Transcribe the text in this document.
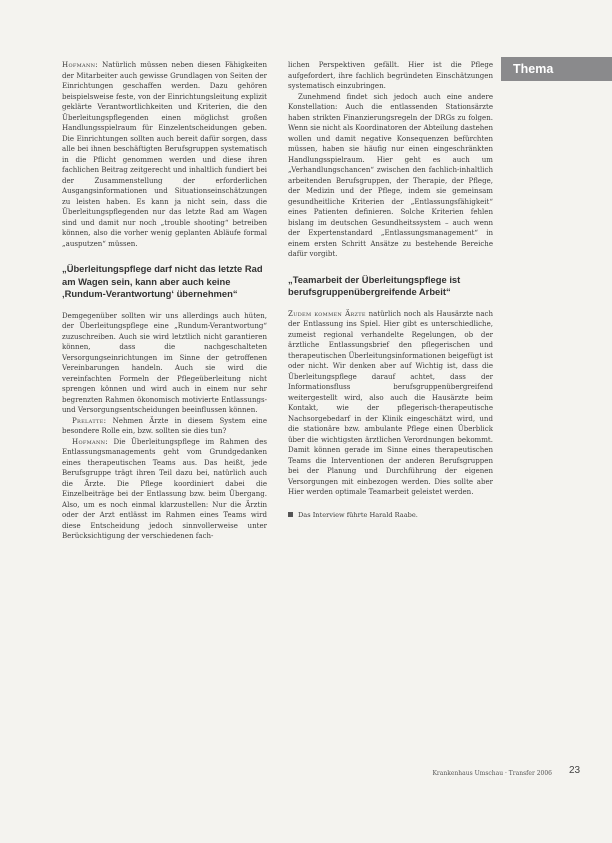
Thema

Hofmann: Natürlich müssen neben diesen Fähigkeiten der Mitarbeiter auch gewisse Grundlagen von Seiten der Einrichtungen geschaffen werden. Dazu gehören beispielsweise feste, von der Einrichtungsleitung explizit geklärte Verantwortlichkeiten und Kriterien, die den Überleitungspflegenden einen möglichst großen Handlungsspielraum für Einzelentscheidungen geben. Die Einrichtungen sollten auch bereit dafür sorgen, dass alle bei ihnen beschäftigten Berufsgruppen systematisch in die Pflicht genommen werden und diese ihren fachlichen Beitrag zeitgerecht und inhaltlich fundiert bei der Zusammenstellung der erforderlichen Ausgangsinformationen und Situationseinschätzungen zu leisten haben. Es kann ja nicht sein, dass die Überleitungspflegenden nur das letzte Rad am Wagen sind und damit nur noch „trouble shooting“ betreiben können, also die vorher wenig geplanten Abläufe formal „ausputzen“ müssen.

„Überleitungspflege darf nicht das letzte Rad am Wagen sein, kann aber auch keine ‚Rundum-Verantwortung‘ übernehmen“

Demgegenüber sollten wir uns allerdings auch hüten, der Überleitungspflege eine „Rundum-Verantwortung“ zuzuschreiben. Auch sie wird letztlich nicht garantieren können, dass die nachgeschalteten Versorgungseinrichtungen im Sinne der getroffenen Vereinbarungen handeln. Auch sie wird die vereinfachten Formeln der Pflegeüberleitung nicht sprengen können und wird auch in einem nur sehr begrenzten Rahmen ökonomisch motivierte Entlassungs- und Versorgungsentscheidungen beeinflussen können.

Prelatte: Nehmen Ärzte in diesem System eine besondere Rolle ein, bzw. sollten sie dies tun?

Hofmann: Die Überleitungspflege im Rahmen des Entlassungsmanagements geht vom Grundgedanken eines therapeutischen Teams aus. Das heißt, jede Berufsgruppe trägt ihren Teil dazu bei, natürlich auch die Ärzte. Die Pflege koordiniert dabei die Einzelbeiträge bei der Entlassung bzw. beim Übergang. Also, um es noch einmal klarzustellen: Nur die Ärztin oder der Arzt entlässt im Rahmen eines Teams wird diese Entscheidung jedoch sinnvollerweise unter Berücksichtigung der verschiedenen fach-

lichen Perspektiven gefällt. Hier ist die Pflege aufgefordert, ihre fachlich begründeten Einschätzungen systematisch einzubringen.

Zunehmend findet sich jedoch auch eine andere Konstellation: Auch die entlassenden Stationsärzte haben strikten Finanzierungsregeln der DRGs zu folgen. Wenn sie nicht als Koordinatoren der Abteilung dastehen wollen und damit negative Konsequenzen befürchten müssen, haben sie häufig nur einen eingeschränkten Handlungsspielraum. Hier geht es auch um „Verhandlungschancen“ zwischen den fachlich-inhaltlich arbeitenden Berufsgruppen, der Therapie, der Pflege, der Medizin und der Pflege, indem sie gemeinsam gesundheitliche Kriterien der „Entlassungsfähigkeit“ eines Patienten definieren. Solche Kriterien fehlen bislang im deutschen Gesundheitssystem – auch wenn der Expertenstandard „Entlassungsmanagement“ in einem ersten Schritt Ansätze zu bestehende Bereiche dafür vorgibt.

„Teamarbeit der Überleitungspflege ist berufsgruppenübergreifende Arbeit“

Zudem kommen Ärzte natürlich noch als Hausärzte nach der Entlassung ins Spiel. Hier gibt es unterschiedliche, zumeist regional verhandelte Regelungen, ob der ärztliche Entlassungsbrief den pflegerischen und therapeutischen Überleitungsinformationen beigefügt ist oder nicht. Wir denken aber auf Wichtig ist, dass die Überleitungspflege darauf achtet, dass der Informationsfluss berufsgruppenübergreifend weitergestellt wird, also auch die Hausärzte beim Kontakt, wie der pflegerisch-therapeutische Nachsorgebedarf in der Klinik eingeschätzt wird, und die stationäre bzw. ambulante Pflege einen Überblick über die wichtigsten ärztlichen Verordnungen bekommt. Damit können gerade im Sinne eines therapeutischen Teams die Interventionen der anderen Berufsgruppen bei der Planung und Durchführung der eigenen Versorgungen mit einbezogen werden. Dies sollte aber Hier werden optimale Teamarbeit geleistet werden.

Das Interview führte Harald Raabe.

Krankenhaus Umschau · Transfer 2006 23
